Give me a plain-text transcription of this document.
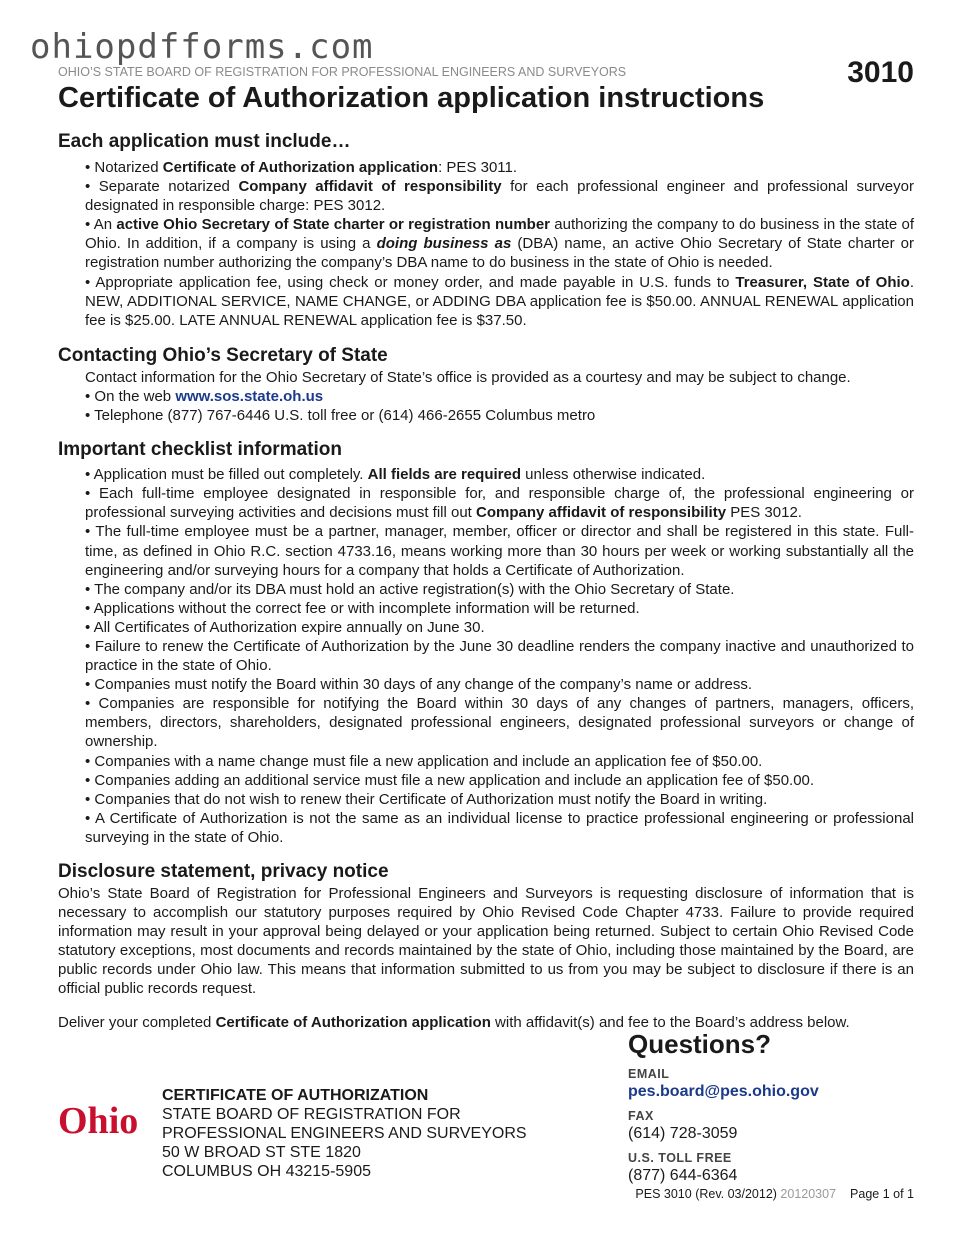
ohiopdfforms.com
OHIO’S STATE BOARD OF REGISTRATION FOR PROFESSIONAL ENGINEERS AND SURVEYORS	3010
Certificate of Authorization application instructions
Each application must include…
• Notarized Certificate of Authorization application: PES 3011.
• Separate notarized Company affidavit of responsibility for each professional engineer and professional surveyor designated in responsible charge: PES 3012.
• An active Ohio Secretary of State charter or registration number authorizing the company to do business in the state of Ohio. In addition, if a company is using a doing business as (DBA) name, an active Ohio Secretary of State charter or registration number authorizing the company’s DBA name to do business in the state of Ohio is needed.
• Appropriate application fee, using check or money order, and made payable in U.S. funds to Treasurer, State of Ohio. NEW, ADDITIONAL SERVICE, NAME CHANGE, or ADDING DBA application fee is $50.00. ANNUAL RENEWAL application fee is $25.00. LATE ANNUAL RENEWAL application fee is $37.50.
Contacting Ohio’s Secretary of State

Contact information for the Ohio Secretary of State’s office is provided as a courtesy and may be subject to change.

• On the web www.sos.state.oh.us
• Telephone (877) 767-6446 U.S. toll free or (614) 466-2655 Columbus metro
Important checklist information
• Application must be filled out completely. All fields are required unless otherwise indicated.
• Each full-time employee designated in responsible for, and responsible charge of, the professional engineering or professional surveying activities and decisions must fill out Company affidavit of responsibility PES 3012.
• The full-time employee must be a partner, manager, member, officer or director and shall be registered in this state. Full-time, as defined in Ohio R.C. section 4733.16, means working more than 30 hours per week or working substantially all the engineering and/or surveying hours for a company that holds a Certificate of Authorization.
• The company and/or its DBA must hold an active registration(s) with the Ohio Secretary of State.
• Applications without the correct fee or with incomplete information will be returned.
• All Certificates of Authorization expire annually on June 30.
• Failure to renew the Certificate of Authorization by the June 30 deadline renders the company inactive and unauthorized to practice in the state of Ohio.
• Companies must notify the Board within 30 days of any change of the company’s name or address.
• Companies are responsible for notifying the Board within 30 days of any changes of partners, managers, officers, members, directors, shareholders, designated professional engineers, designated professional surveyors or change of ownership.
• Companies with a name change must file a new application and include an application fee of $50.00.
• Companies adding an additional service must file a new application and include an application fee of $50.00.
• Companies that do not wish to renew their Certificate of Authorization must notify the Board in writing.
• A Certificate of Authorization is not the same as an individual license to practice professional engineering or professional surveying in the state of Ohio.
Disclosure statement, privacy notice

Ohio’s State Board of Registration for Professional Engineers and Surveyors is requesting disclosure of information that is necessary to accomplish our statutory purposes required by Ohio Revised Code Chapter 4733. Failure to provide required information may result in your approval being delayed or your application being returned. Subject to certain Ohio Revised Code statutory exceptions, most documents and records maintained by the state of Ohio, including those maintained by the Board, are public records under Ohio law. This means that information submitted to us from you may be subject to disclosure if there is an official public records request.

Deliver your completed Certificate of Authorization application with affidavit(s) and fee to the Board’s address below.

Ohio
CERTIFICATE OF AUTHORIZATION
STATE BOARD OF REGISTRATION FOR
PROFESSIONAL ENGINEERS AND SURVEYORS
50 W BROAD ST STE 1820
COLUMBUS OH 43215-5905
Questions?
EMAIL
pes.board@pes.ohio.gov
FAX
(614) 728-3059
U.S. TOLL FREE
(877) 644-6364
PES 3010 (Rev. 03/2012) 20120307 Page 1 of 1
